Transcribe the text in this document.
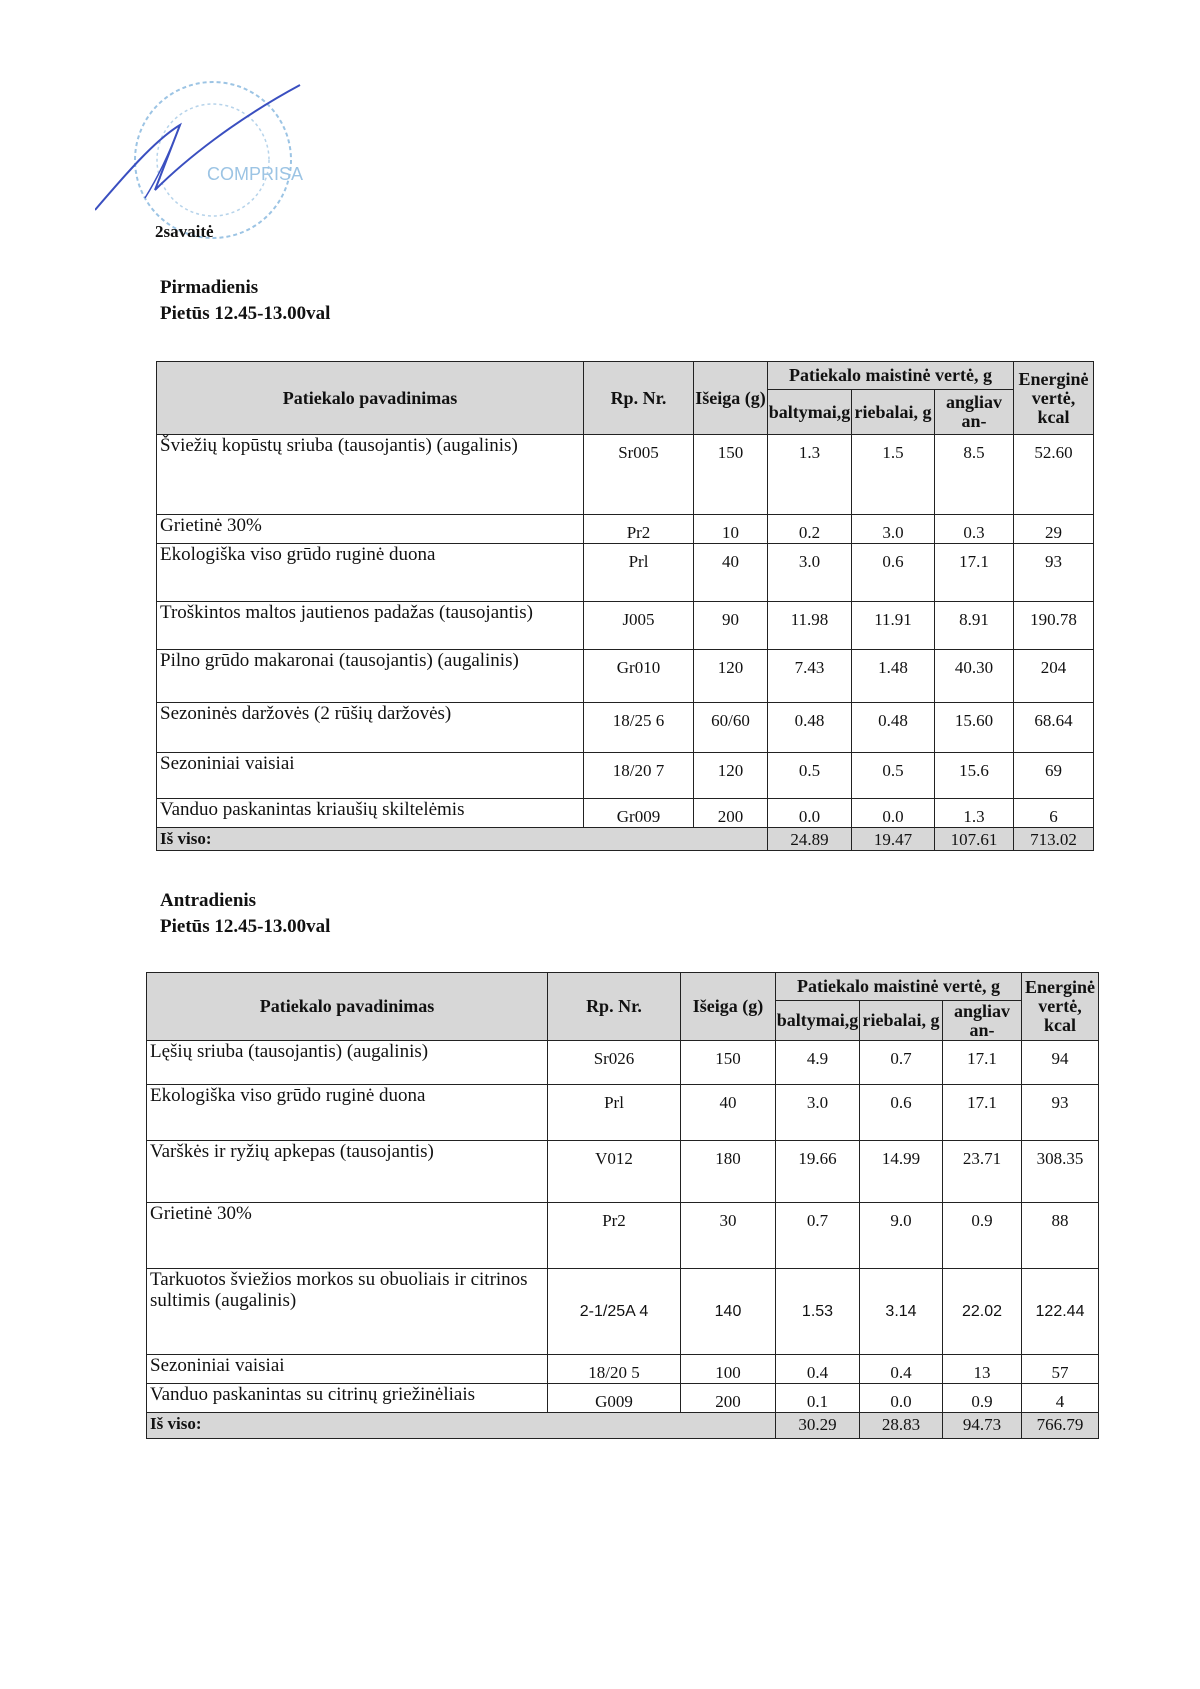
COMPRISA
2savaitė
Pirmadienis
Pietūs 12.45-13.00val
Patiekalo pavadinimas	Rp. Nr.	Išeiga (g)	Patiekalo maistinė vertė, g			Energinė vertė, kcal
			baltymai,g	riebalai, g	angliav an-	
Šviežių kopūstų sriuba (tausojantis) (augalinis)	Sr005	150	1.3	1.5	8.5	52.60
Grietinė 30%	Pr2	10	0.2	3.0	0.3	29
Ekologiška viso grūdo ruginė duona	Prl	40	3.0	0.6	17.1	93
Troškintos maltos jautienos padažas (tausojantis)	J005	90	11.98	11.91	8.91	190.78
Pilno grūdo makaronai (tausojantis) (augalinis)	Gr010	120	7.43	1.48	40.30	204
Sezoninės daržovės (2 rūšių daržovės)	18/25 6	60/60	0.48	0.48	15.60	68.64
Sezoniniai vaisiai	18/20 7	120	0.5	0.5	15.6	69
Vanduo paskanintas kriaušių skiltelėmis	Gr009	200	0.0	0.0	1.3	6
Iš viso:			24.89	19.47	107.61	713.02
Antradienis
Pietūs 12.45-13.00val
Patiekalo pavadinimas	Rp. Nr.	Išeiga (g)	Patiekalo maistinė vertė, g			Energinė vertė, kcal
			baltymai,g	riebalai, g	angliav an-	
Lęšių sriuba (tausojantis) (augalinis)	Sr026	150	4.9	0.7	17.1	94
Ekologiška viso grūdo ruginė duona	Prl	40	3.0	0.6	17.1	93
Varškės ir ryžių apkepas (tausojantis)	V012	180	19.66	14.99	23.71	308.35
Grietinė 30%	Pr2	30	0.7	9.0	0.9	88
Tarkuotos šviežios morkos su obuoliais ir citrinos sultimis (augalinis)	2-1/25A 4	140	1.53	3.14	22.02	122.44
Sezoniniai vaisiai	18/20 5	100	0.4	0.4	13	57
Vanduo paskanintas su citrinų griežinėliais	G009	200	0.1	0.0	0.9	4
Iš viso:			30.29	28.83	94.73	766.79
